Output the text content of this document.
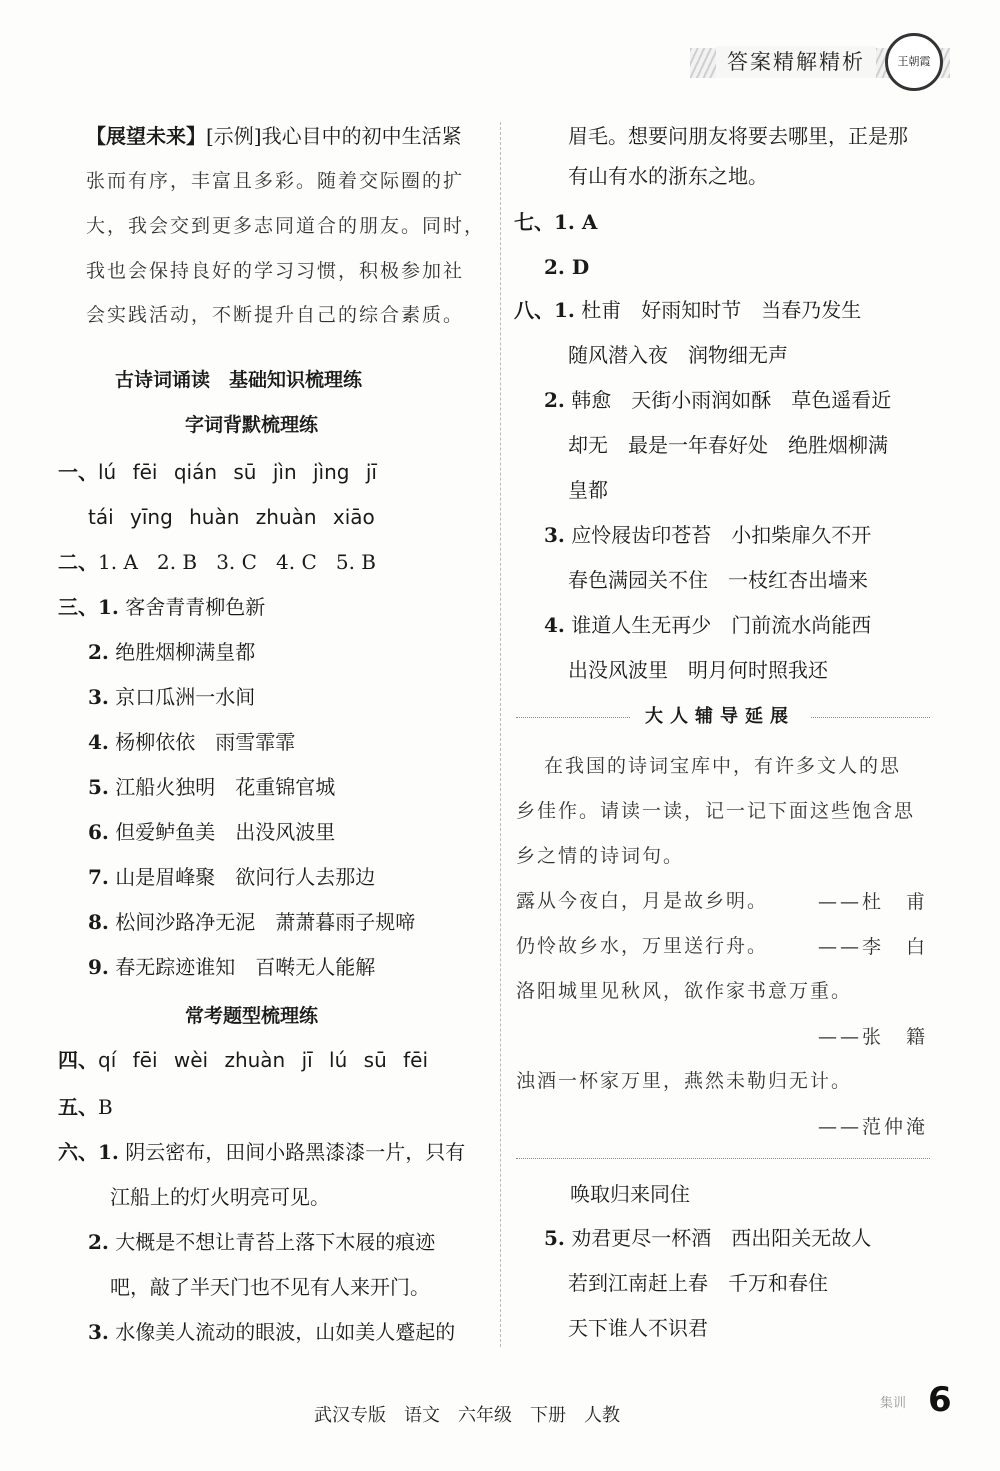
答案精解精析	王朝霞
【展望未来】[示例]我心目中的初中生活紧
张而有序，丰富且多彩。随着交际圈的扩
大，我会交到更多志同道合的朋友。同时，
我也会保持良好的学习习惯，积极参加社
会实践活动，不断提升自己的综合素质。
古诗词诵读　基础知识梳理练
字词背默梳理练
一、lú fēi qián sū jìn jìng jī
tái yīng huàn zhuàn xiāo
二、1. A 2. B 3. C 4. C 5. B
三、1. 客舍青青柳色新
2. 绝胜烟柳满皇都
3. 京口瓜洲一水间
4. 杨柳依依　雨雪霏霏
5. 江船火独明　花重锦官城
6. 但爱鲈鱼美　出没风波里
7. 山是眉峰聚　欲问行人去那边
8. 松间沙路净无泥　萧萧暮雨子规啼
9. 春无踪迹谁知　百啭无人能解
常考题型梳理练
四、qí fēi wèi zhuàn jī lú sū fēi
五、B
六、1. 阴云密布，田间小路黑漆漆一片，只有
江船上的灯火明亮可见。
2. 大概是不想让青苔上落下木屐的痕迹
吧，敲了半天门也不见有人来开门。
3. 水像美人流动的眼波，山如美人蹙起的
眉毛。想要问朋友将要去哪里，正是那
有山有水的浙东之地。
七、1. A
2. D
八、1. 杜甫　好雨知时节　当春乃发生
随风潜入夜　润物细无声
2. 韩愈　天街小雨润如酥　草色遥看近
却无　最是一年春好处　绝胜烟柳满
皇都
3. 应怜屐齿印苍苔　小扣柴扉久不开
春色满园关不住　一枝红杏出墙来
4. 谁道人生无再少　门前流水尚能西
出没风波里　明月何时照我还
大人辅导延展
在我国的诗词宝库中，有许多文人的思
乡佳作。请读一读，记一记下面这些饱含思
乡之情的诗词句。
露从今夜白，月是故乡明。	——杜　甫
仍怜故乡水，万里送行舟。	——李　白
洛阳城里见秋风，欲作家书意万重。
——张　籍
浊酒一杯家万里，燕然未勒归无计。
——范仲淹
唤取归来同住
5. 劝君更尽一杯酒　西出阳关无故人
若到江南赶上春　千万和春住
天下谁人不识君
武汉专版　语文　六年级　下册　人教
集训 6
